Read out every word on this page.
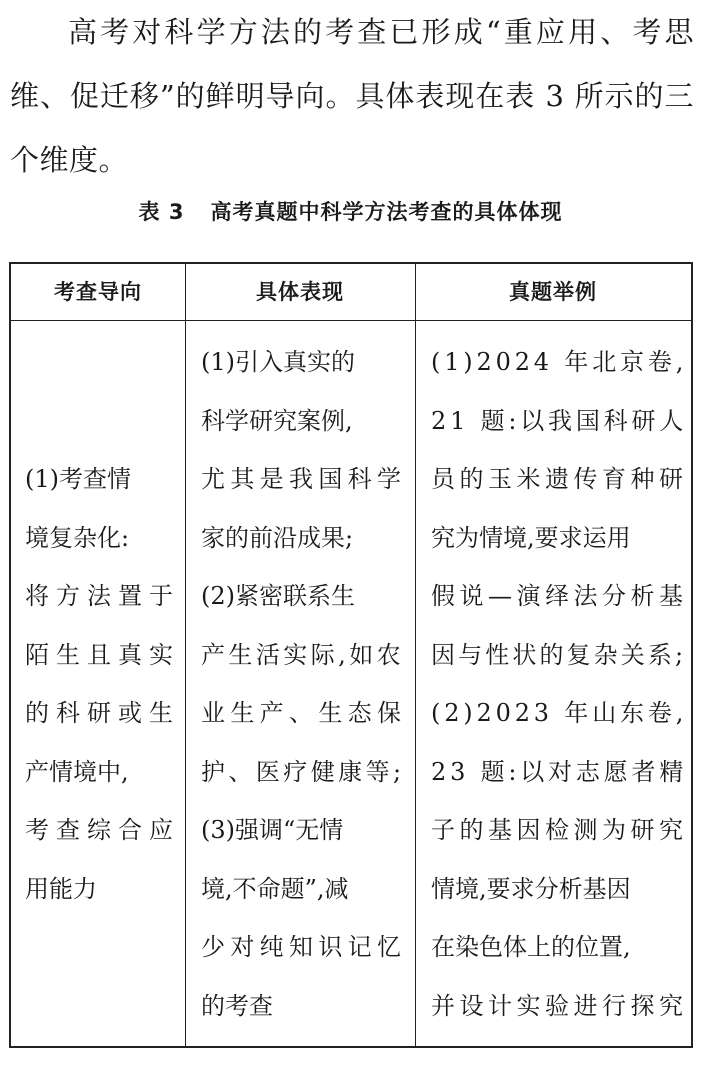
高考对科学方法的考查已形成“重应用、考思维、促迁移”的鲜明导向。具体表现在表 3 所示的三个维度。

表 3 高考真题中科学方法考查的具体体现
考查导向	具体表现	真题举例
(1)考查情
境复杂化:
将方法置于
陌生且真实
的科研或生
产情境中,
考查综合应
用能力
(1)引入真实的
科学研究案例,
尤其是我国科学
家的前沿成果;
(2)紧密联系生
产生活实际,如农
业生产、生态保
护、医疗健康等;
(3)强调“无情
境,不命题”,减
少对纯知识记忆
的考查
(1)2024 年北京卷,
21 题:以我国科研人
员的玉米遗传育种研
究为情境,要求运用
假说—演绎法分析基
因与性状的复杂关系;
(2)2023 年山东卷,
23 题:以对志愿者精
子的基因检测为研究
情境,要求分析基因
在染色体上的位置,
并设计实验进行探究
